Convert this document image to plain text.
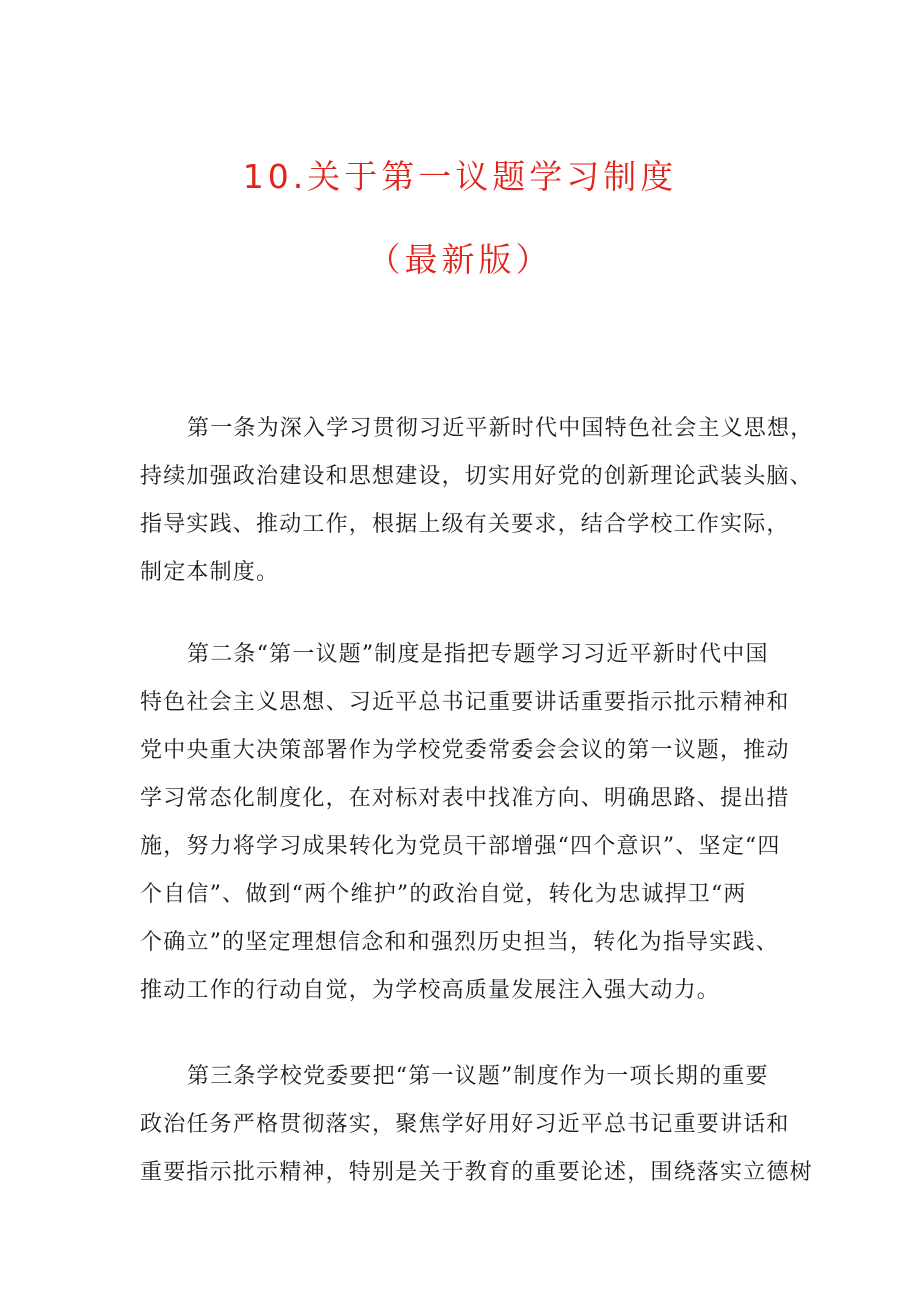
10.关于第一议题学习制度
（最新版）
第一条为深入学习贯彻习近平新时代中国特色社会主义思想，
持续加强政治建设和思想建设，切实用好党的创新理论武装头脑、
指导实践、推动工作，根据上级有关要求，结合学校工作实际，
制定本制度。
第二条“第一议题”制度是指把专题学习习近平新时代中国
特色社会主义思想、习近平总书记重要讲话重要指示批示精神和
党中央重大决策部署作为学校党委常委会会议的第一议题，推动
学习常态化制度化，在对标对表中找准方向、明确思路、提出措
施，努力将学习成果转化为党员干部增强“四个意识”、坚定“四
个自信”、做到“两个维护”的政治自觉，转化为忠诚捍卫“两
个确立”的坚定理想信念和和强烈历史担当，转化为指导实践、
推动工作的行动自觉，为学校高质量发展注入强大动力。
第三条学校党委要把“第一议题”制度作为一项长期的重要
政治任务严格贯彻落实，聚焦学好用好习近平总书记重要讲话和
重要指示批示精神，特别是关于教育的重要论述，围绕落实立德树
